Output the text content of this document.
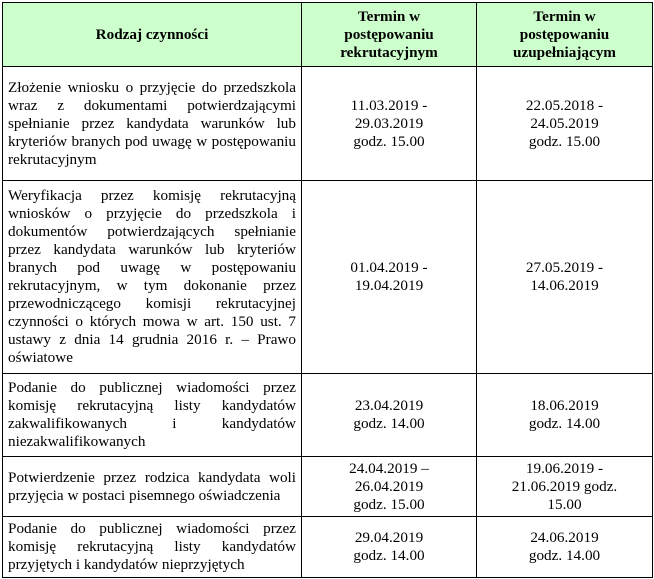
Rodzaj czynności	Termin w
postępowaniu
rekrutacyjnym	Termin w
postępowaniu
uzupełniającym

Złożenie wniosku o przyjęcie do przedszkola wraz z dokumentami potwierdzającymi spełnianie przez kandydata warunków lub kryteriów branych pod uwagę w postępowaniu rekrutacyjnym	11.03.2019 -
29.03.2019
godz. 15.00	22.05.2018 -
24.05.2019
godz. 15.00

Weryfikacja przez komisję rekrutacyjną wniosków o przyjęcie do przedszkola i dokumentów potwierdzających spełnianie przez kandydata warunków lub kryteriów branych pod uwagę w postępowaniu rekrutacyjnym, w tym dokonanie przez przewodniczącego komisji rekrutacyjnej czynności o których mowa w art. 150 ust. 7 ustawy z dnia 14 grudnia 2016 r. – Prawo oświatowe	01.04.2019 -
19.04.2019	27.05.2019 -
14.06.2019

Podanie do publicznej wiadomości przez komisję rekrutacyjną listy kandydatów zakwalifikowanych i kandydatów niezakwalifikowanych	23.04.2019
godz. 14.00	18.06.2019
godz. 14.00

Potwierdzenie przez rodzica kandydata woli przyjęcia w postaci pisemnego oświadczenia	24.04.2019 –
26.04.2019
godz. 15.00	19.06.2019 -
21.06.2019 godz.
15.00

Podanie do publicznej wiadomości przez komisję rekrutacyjną listy kandydatów przyjętych i kandydatów nieprzyjętych	29.04.2019
godz. 14.00	24.06.2019
godz. 14.00
